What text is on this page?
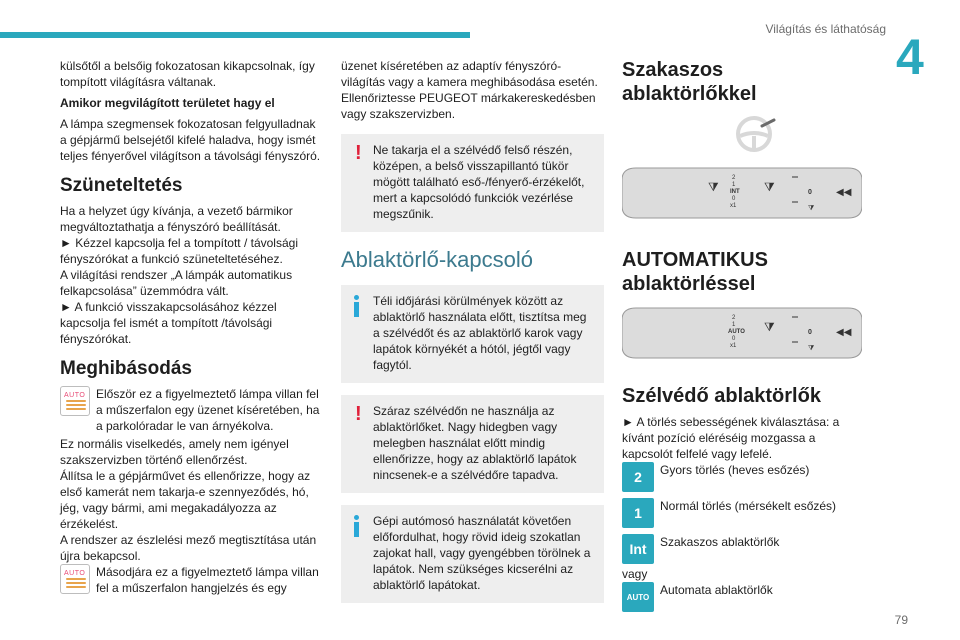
Világítás és láthatóság 4

külsőtől a belsőig fokozatosan kikapcsolnak, így tompított világításra váltanak.

Amikor megvilágított területet hagy el

A lámpa szegmensek fokozatosan felgyulladnak a gépjármű belsejétől kifelé haladva, hogy ismét teljes fényerővel világítson a távolsági fényszóró.

Szüneteltetés

Ha a helyzet úgy kívánja, a vezető bármikor megváltoztathatja a fényszóró beállítását.

► Kézzel kapcsolja fel a tompított / távolsági fényszórókat a funkció szüneteltetéséhez.

A világítási rendszer „A lámpák automatikus felkapcsolása” üzemmódra vált.

► A funkció visszakapcsolásához kézzel kapcsolja fel ismét a tompított /távolsági fényszórókat.

Meghibásodás
AUTO Először ez a figyelmeztető lámpa villan fel a műszerfalon egy üzenet kíséretében, ha a parkolóradar le van árnyékolva.

Ez normális viselkedés, amely nem igényel szakszervizben történő ellenőrzést.

Állítsa le a gépjárművet és ellenőrizze, hogy az első kamerát nem takarja-e szennyeződés, hó, jég, vagy bármi, ami megakadályozza az érzékelést.

A rendszer az észlelési mező megtisztítása után újra bekapcsol.

AUTO Másodjára ez a figyelmeztető lámpa villan fel a műszerfalon hangjelzés és egy

üzenet kíséretében az adaptív fényszóró-világítás vagy a kamera meghibásodása esetén. Ellenőriztesse PEUGEOT márkakereskedésben vagy szakszervizben.

! Ne takarja el a szélvédő felső részén, középen, a belső visszapillantó tükör mögött található eső-/fényerő-érzékelőt, mert a kapcsolódó funkciók vezérlése megszűnik.
Ablaktörlő-kapcsoló
Téli időjárási körülmények között az ablaktörlő használata előtt, tisztítsa meg a szélvédőt és az ablaktörlő karok vagy lapátok környékét a hótól, jégtől vagy fagytól.
! Száraz szélvédőn ne használja az ablaktörlőket. Nagy hidegben vagy melegben használat előtt mindig ellenőrizze, hogy az ablaktörlő lapátok nincsenek-e a szélvédőre tapadva.
Gépi autómosó használatát követően előfordulhat, hogy rövid ideig szokatlan zajokat hall, vagy gyengébben törölnek a lapátok. Nem szükséges kicserélni az ablaktörlő lapátokat.
Szakaszos ablaktörlőkkel
⧩	⧩
2
1
INT
0
x1
0 ◀◀
⧩
AUTOMATIKUS ablaktörléssel
⧩
2
1
AUTO
0
x1
0 ◀◀
⧩
Szélvédő ablaktörlők

► A törlés sebességének kiválasztása: a kívánt pozíció eléréséig mozgassa a kapcsolót felfelé vagy lefelé.

2	Gyors törlés (heves esőzés)
1	Normál törlés (mérsékelt esőzés)
Int	Szakaszos ablaktörlők

vagy

AUTO Automata ablaktörlők
79
